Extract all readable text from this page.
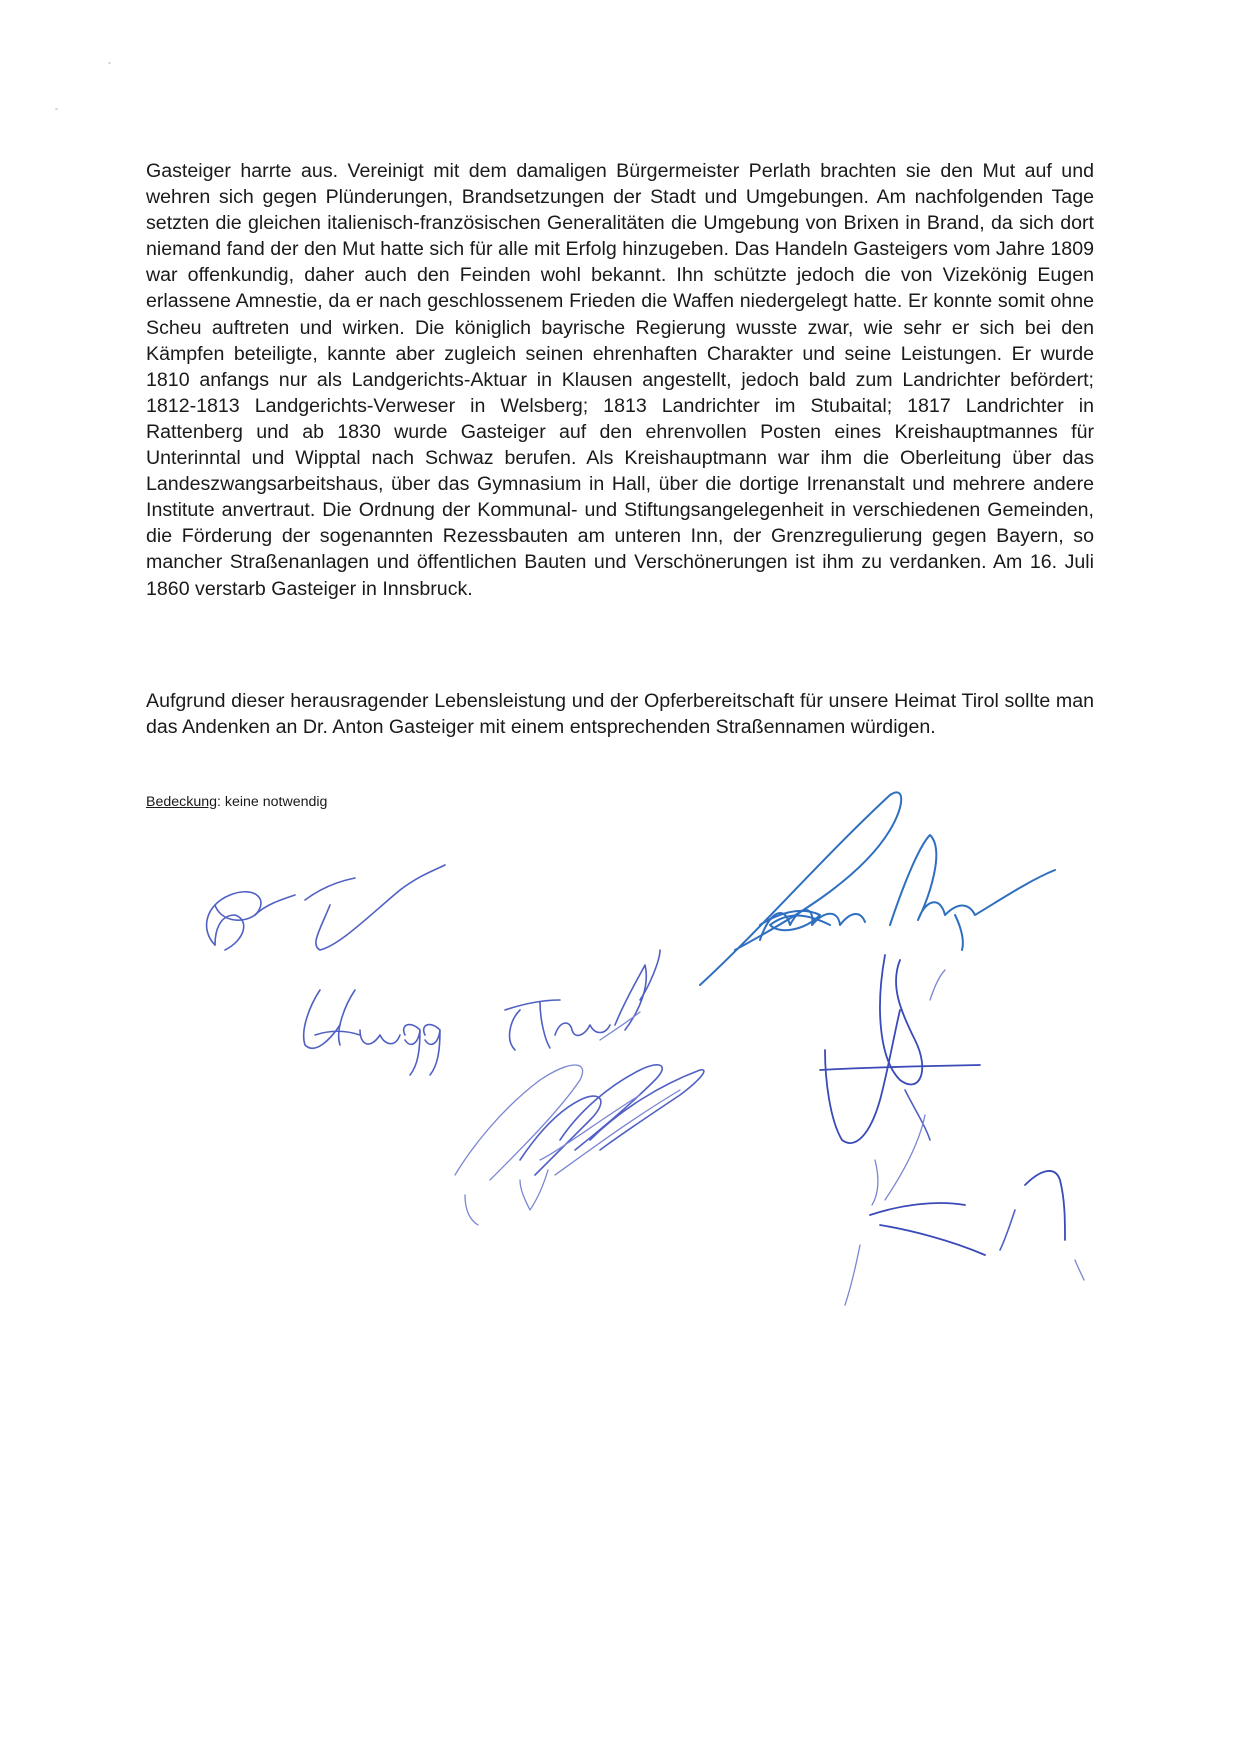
Gasteiger harrte aus. Vereinigt mit dem damaligen Bürgermeister Perlath brachten sie den Mut auf und wehren sich gegen Plünderungen, Brandsetzungen der Stadt und Umgebungen. Am nachfolgenden Tage setzten die gleichen italienisch-französischen Generalitäten die Umgebung von Brixen in Brand, da sich dort niemand fand der den Mut hatte sich für alle mit Erfolg hinzugeben. Das Handeln Gasteigers vom Jahre 1809 war offenkundig, daher auch den Feinden wohl bekannt. Ihn schützte jedoch die von Vizekönig Eugen erlassene Amnestie, da er nach geschlossenem Frieden die Waffen niedergelegt hatte. Er konnte somit ohne Scheu auftreten und wirken. Die königlich bayrische Regierung wusste zwar, wie sehr er sich bei den Kämpfen beteiligte, kannte aber zugleich seinen ehrenhaften Charakter und seine Leistungen. Er wurde 1810 anfangs nur als Landgerichts-Aktuar in Klausen angestellt, jedoch bald zum Landrichter befördert; 1812-1813 Landgerichts-Verweser in Welsberg; 1813 Landrichter im Stubaital; 1817 Landrichter in Rattenberg und ab 1830 wurde Gasteiger auf den ehrenvollen Posten eines Kreishauptmannes für Unterinntal und Wipptal nach Schwaz berufen. Als Kreishauptmann war ihm die Oberleitung über das Landeszwangsarbeitshaus, über das Gymnasium in Hall, über die dortige Irrenanstalt und mehrere andere Institute anvertraut. Die Ordnung der Kommunal- und Stiftungsangelegenheit in verschiedenen Gemeinden, die Förderung der sogenannten Rezessbauten am unteren Inn, der Grenzregulierung gegen Bayern, so mancher Straßenanlagen und öffentlichen Bauten und Verschönerungen ist ihm zu verdanken. Am 16. Juli 1860 verstarb Gasteiger in Innsbruck.

Aufgrund dieser herausragender Lebensleistung und der Opferbereitschaft für unsere Heimat Tirol sollte man das Andenken an Dr. Anton Gasteiger mit einem entsprechenden Straßennamen würdigen.

Bedeckung: keine notwendig
